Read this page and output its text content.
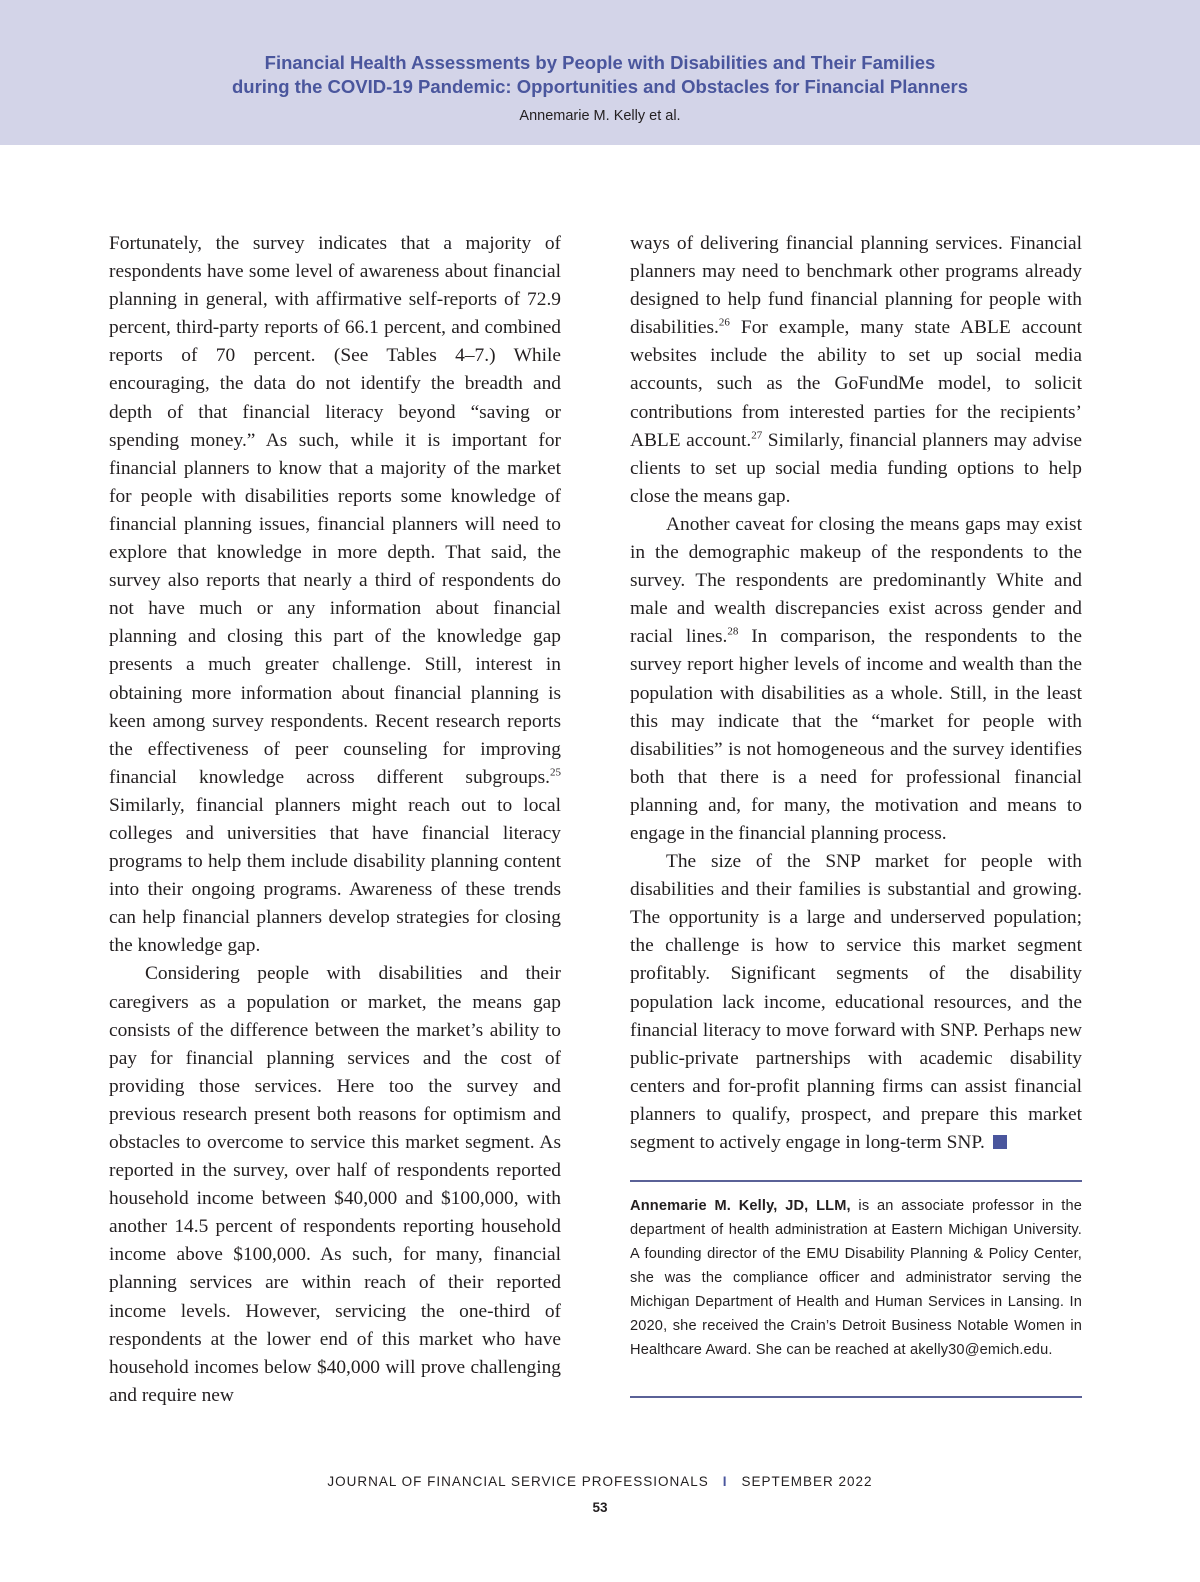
Financial Health Assessments by People with Disabilities and Their Families
during the COVID-19 Pandemic: Opportunities and Obstacles for Financial Planners
Annemarie M. Kelly et al.

Fortunately, the survey indicates that a majority of respondents have some level of awareness about financial planning in general, with affirmative self-reports of 72.9 percent, third-party reports of 66.1 percent, and combined reports of 70 percent. (See Tables 4–7.) While encouraging, the data do not identify the breadth and depth of that financial literacy beyond “saving or spending money.” As such, while it is important for financial planners to know that a majority of the market for people with disabilities reports some knowledge of financial planning issues, financial planners will need to explore that knowledge in more depth. That said, the survey also reports that nearly a third of respondents do not have much or any information about financial planning and closing this part of the knowledge gap presents a much greater challenge. Still, interest in obtaining more information about financial planning is keen among survey respondents. Recent research reports the effectiveness of peer counseling for improving financial knowledge across different subgroups.$^{25}$ Similarly, financial planners might reach out to local colleges and universities that have financial literacy programs to help them include disability planning content into their ongoing programs. Awareness of these trends can help financial planners develop strategies for closing the knowledge gap.

Considering people with disabilities and their caregivers as a population or market, the means gap consists of the difference between the market’s ability to pay for financial planning services and the cost of providing those services. Here too the survey and previous research present both reasons for optimism and obstacles to overcome to service this market segment. As reported in the survey, over half of respondents reported household income between $40,000 and $100,000, with another 14.5 percent of respondents reporting household income above $100,000. As such, for many, financial planning services are within reach of their reported income levels. However, servicing the one-third of respondents at the lower end of this market who have household incomes below $40,000 will prove challenging and require new

ways of delivering financial planning services. Financial planners may need to benchmark other programs already designed to help fund financial planning for people with disabilities.$^{26}$ For example, many state ABLE account websites include the ability to set up social media accounts, such as the GoFundMe model, to solicit contributions from interested parties for the recipients’ ABLE account.$^{27}$ Similarly, financial planners may advise clients to set up social media funding options to help close the means gap.

Another caveat for closing the means gaps may exist in the demographic makeup of the respondents to the survey. The respondents are predominantly White and male and wealth discrepancies exist across gender and racial lines.$^{28}$ In comparison, the respondents to the survey report higher levels of income and wealth than the population with disabilities as a whole. Still, in the least this may indicate that the “market for people with disabilities” is not homogeneous and the survey identifies both that there is a need for professional financial planning and, for many, the motivation and means to engage in the financial planning process.

The size of the SNP market for people with disabilities and their families is substantial and growing. The opportunity is a large and underserved population; the challenge is how to service this market segment profitably. Significant segments of the disability population lack income, educational resources, and the financial literacy to move forward with SNP. Perhaps new public-private partnerships with academic disability centers and for-profit planning firms can assist financial planners to qualify, prospect, and prepare this market segment to actively engage in long-term SNP.

Annemarie M. Kelly, JD, LLM, is an associate professor in the department of health administration at Eastern Michigan University. A founding director of the EMU Disability Planning & Policy Center, she was the compliance officer and administrator serving the Michigan Department of Health and Human Services in Lansing. In 2020, she received the Crain’s Detroit Business Notable Women in Healthcare Award. She can be reached at akelly30@emich.edu.
JOURNAL OF FINANCIAL SERVICE PROFESSIONALS I SEPTEMBER 2022
53
